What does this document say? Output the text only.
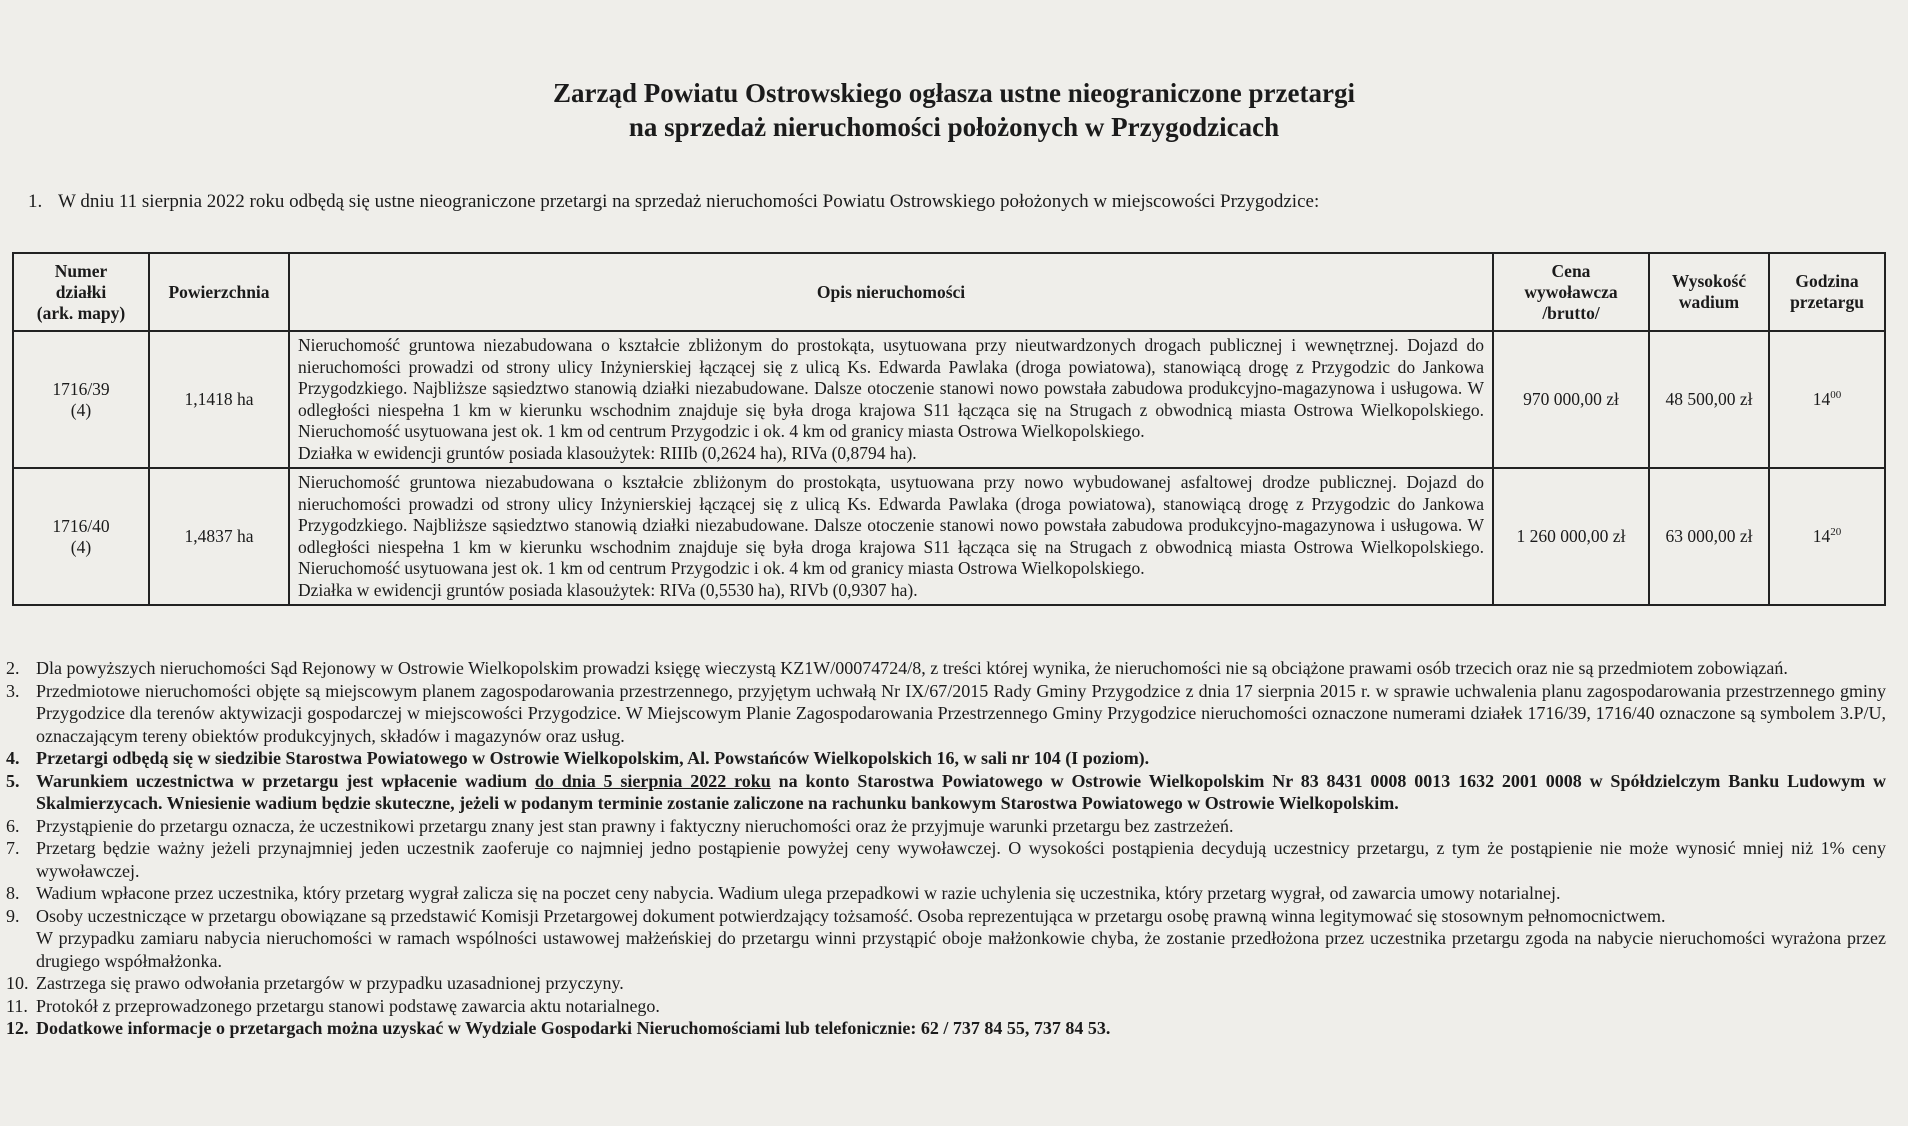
Zarząd Powiatu Ostrowskiego ogłasza ustne nieograniczone przetargi
na sprzedaż nieruchomości położonych w Przygodzicach
1. W dniu 11 sierpnia 2022 roku odbędą się ustne nieograniczone przetargi na sprzedaż nieruchomości Powiatu Ostrowskiego położonych w miejscowości Przygodzice:
Numer
działki
(ark. mapy)	Powierzchnia	Opis nieruchomości	Cena
wywoławcza
/brutto/	Wysokość
wadium	Godzina
przetargu

1716/39
(4)	1,1418 ha	Nieruchomość gruntowa niezabudowana o kształcie zbliżonym do prostokąta, usytuowana przy nieutwardzonych drogach publicznej i wewnętrznej. Dojazd do nieruchomości prowadzi od strony ulicy Inżynierskiej łączącej się z ulicą Ks. Edwarda Pawlaka (droga powiatowa), stanowiącą drogę z Przygodzic do Jankowa Przygodzkiego. Najbliższe sąsiedztwo stanowią działki niezabudowane. Dalsze otoczenie stanowi nowo powstała zabudowa produkcyjno-magazynowa i usługowa. W odległości niespełna 1 km w kierunku wschodnim znajduje się była droga krajowa S11 łącząca się na Strugach z obwodnicą miasta Ostrowa Wielkopolskiego. Nieruchomość usytuowana jest ok. 1 km od centrum Przygodzic i ok. 4 km od granicy miasta Ostrowa Wielkopolskiego.
Działka w ewidencji gruntów posiada klasoużytek: RIIIb (0,2624 ha), RIVa (0,8794 ha).	970 000,00 zł	48 500,00 zł	$14^{00}$

1716/40
(4)	1,4837 ha	Nieruchomość gruntowa niezabudowana o kształcie zbliżonym do prostokąta, usytuowana przy nowo wybudowanej asfaltowej drodze publicznej. Dojazd do nieruchomości prowadzi od strony ulicy Inżynierskiej łączącej się z ulicą Ks. Edwarda Pawlaka (droga powiatowa), stanowiącą drogę z Przygodzic do Jankowa Przygodzkiego. Najbliższe sąsiedztwo stanowią działki niezabudowane. Dalsze otoczenie stanowi nowo powstała zabudowa produkcyjno-magazynowa i usługowa. W odległości niespełna 1 km w kierunku wschodnim znajduje się była droga krajowa S11 łącząca się na Strugach z obwodnicą miasta Ostrowa Wielkopolskiego. Nieruchomość usytuowana jest ok. 1 km od centrum Przygodzic i ok. 4 km od granicy miasta Ostrowa Wielkopolskiego.
Działka w ewidencji gruntów posiada klasoużytek: RIVa (0,5530 ha), RIVb (0,9307 ha).	1 260 000,00 zł	63 000,00 zł	$14^{20}$
2. Dla powyższych nieruchomości Sąd Rejonowy w Ostrowie Wielkopolskim prowadzi księgę wieczystą KZ1W/00074724/8, z treści której wynika, że nieruchomości nie są obciążone prawami osób trzecich oraz nie są przedmiotem zobowiązań.
3. Przedmiotowe nieruchomości objęte są miejscowym planem zagospodarowania przestrzennego, przyjętym uchwałą Nr IX/67/2015 Rady Gminy Przygodzice z dnia 17 sierpnia 2015 r. w sprawie uchwalenia planu zagospodarowania przestrzennego gminy Przygodzice dla terenów aktywizacji gospodarczej w miejscowości Przygodzice. W Miejscowym Planie Zagospodarowania Przestrzennego Gminy Przygodzice nieruchomości oznaczone numerami działek 1716/39, 1716/40 oznaczone są symbolem 3.P/U, oznaczającym tereny obiektów produkcyjnych, składów i magazynów oraz usług.
4. Przetargi odbędą się w siedzibie Starostwa Powiatowego w Ostrowie Wielkopolskim, Al. Powstańców Wielkopolskich 16, w sali nr 104 (I poziom).
5. Warunkiem uczestnictwa w przetargu jest wpłacenie wadium do dnia 5 sierpnia 2022 roku na konto Starostwa Powiatowego w Ostrowie Wielkopolskim Nr 83 8431 0008 0013 1632 2001 0008 w Spółdzielczym Banku Ludowym w Skalmierzycach. Wniesienie wadium będzie skuteczne, jeżeli w podanym terminie zostanie zaliczone na rachunku bankowym Starostwa Powiatowego w Ostrowie Wielkopolskim.
6. Przystąpienie do przetargu oznacza, że uczestnikowi przetargu znany jest stan prawny i faktyczny nieruchomości oraz że przyjmuje warunki przetargu bez zastrzeżeń.
7. Przetarg będzie ważny jeżeli przynajmniej jeden uczestnik zaoferuje co najmniej jedno postąpienie powyżej ceny wywoławczej. O wysokości postąpienia decydują uczestnicy przetargu, z tym że postąpienie nie może wynosić mniej niż 1% ceny wywoławczej.
8. Wadium wpłacone przez uczestnika, który przetarg wygrał zalicza się na poczet ceny nabycia. Wadium ulega przepadkowi w razie uchylenia się uczestnika, który przetarg wygrał, od zawarcia umowy notarialnej.
9. Osoby uczestniczące w przetargu obowiązane są przedstawić Komisji Przetargowej dokument potwierdzający tożsamość. Osoba reprezentująca w przetargu osobę prawną winna legitymować się stosownym pełnomocnictwem.
W przypadku zamiaru nabycia nieruchomości w ramach wspólności ustawowej małżeńskiej do przetargu winni przystąpić oboje małżonkowie chyba, że zostanie przedłożona przez uczestnika przetargu zgoda na nabycie nieruchomości wyrażona przez drugiego współmałżonka.
10. Zastrzega się prawo odwołania przetargów w przypadku uzasadnionej przyczyny.
11. Protokół z przeprowadzonego przetargu stanowi podstawę zawarcia aktu notarialnego.
12. Dodatkowe informacje o przetargach można uzyskać w Wydziale Gospodarki Nieruchomościami lub telefonicznie: 62 / 737 84 55, 737 84 53.
